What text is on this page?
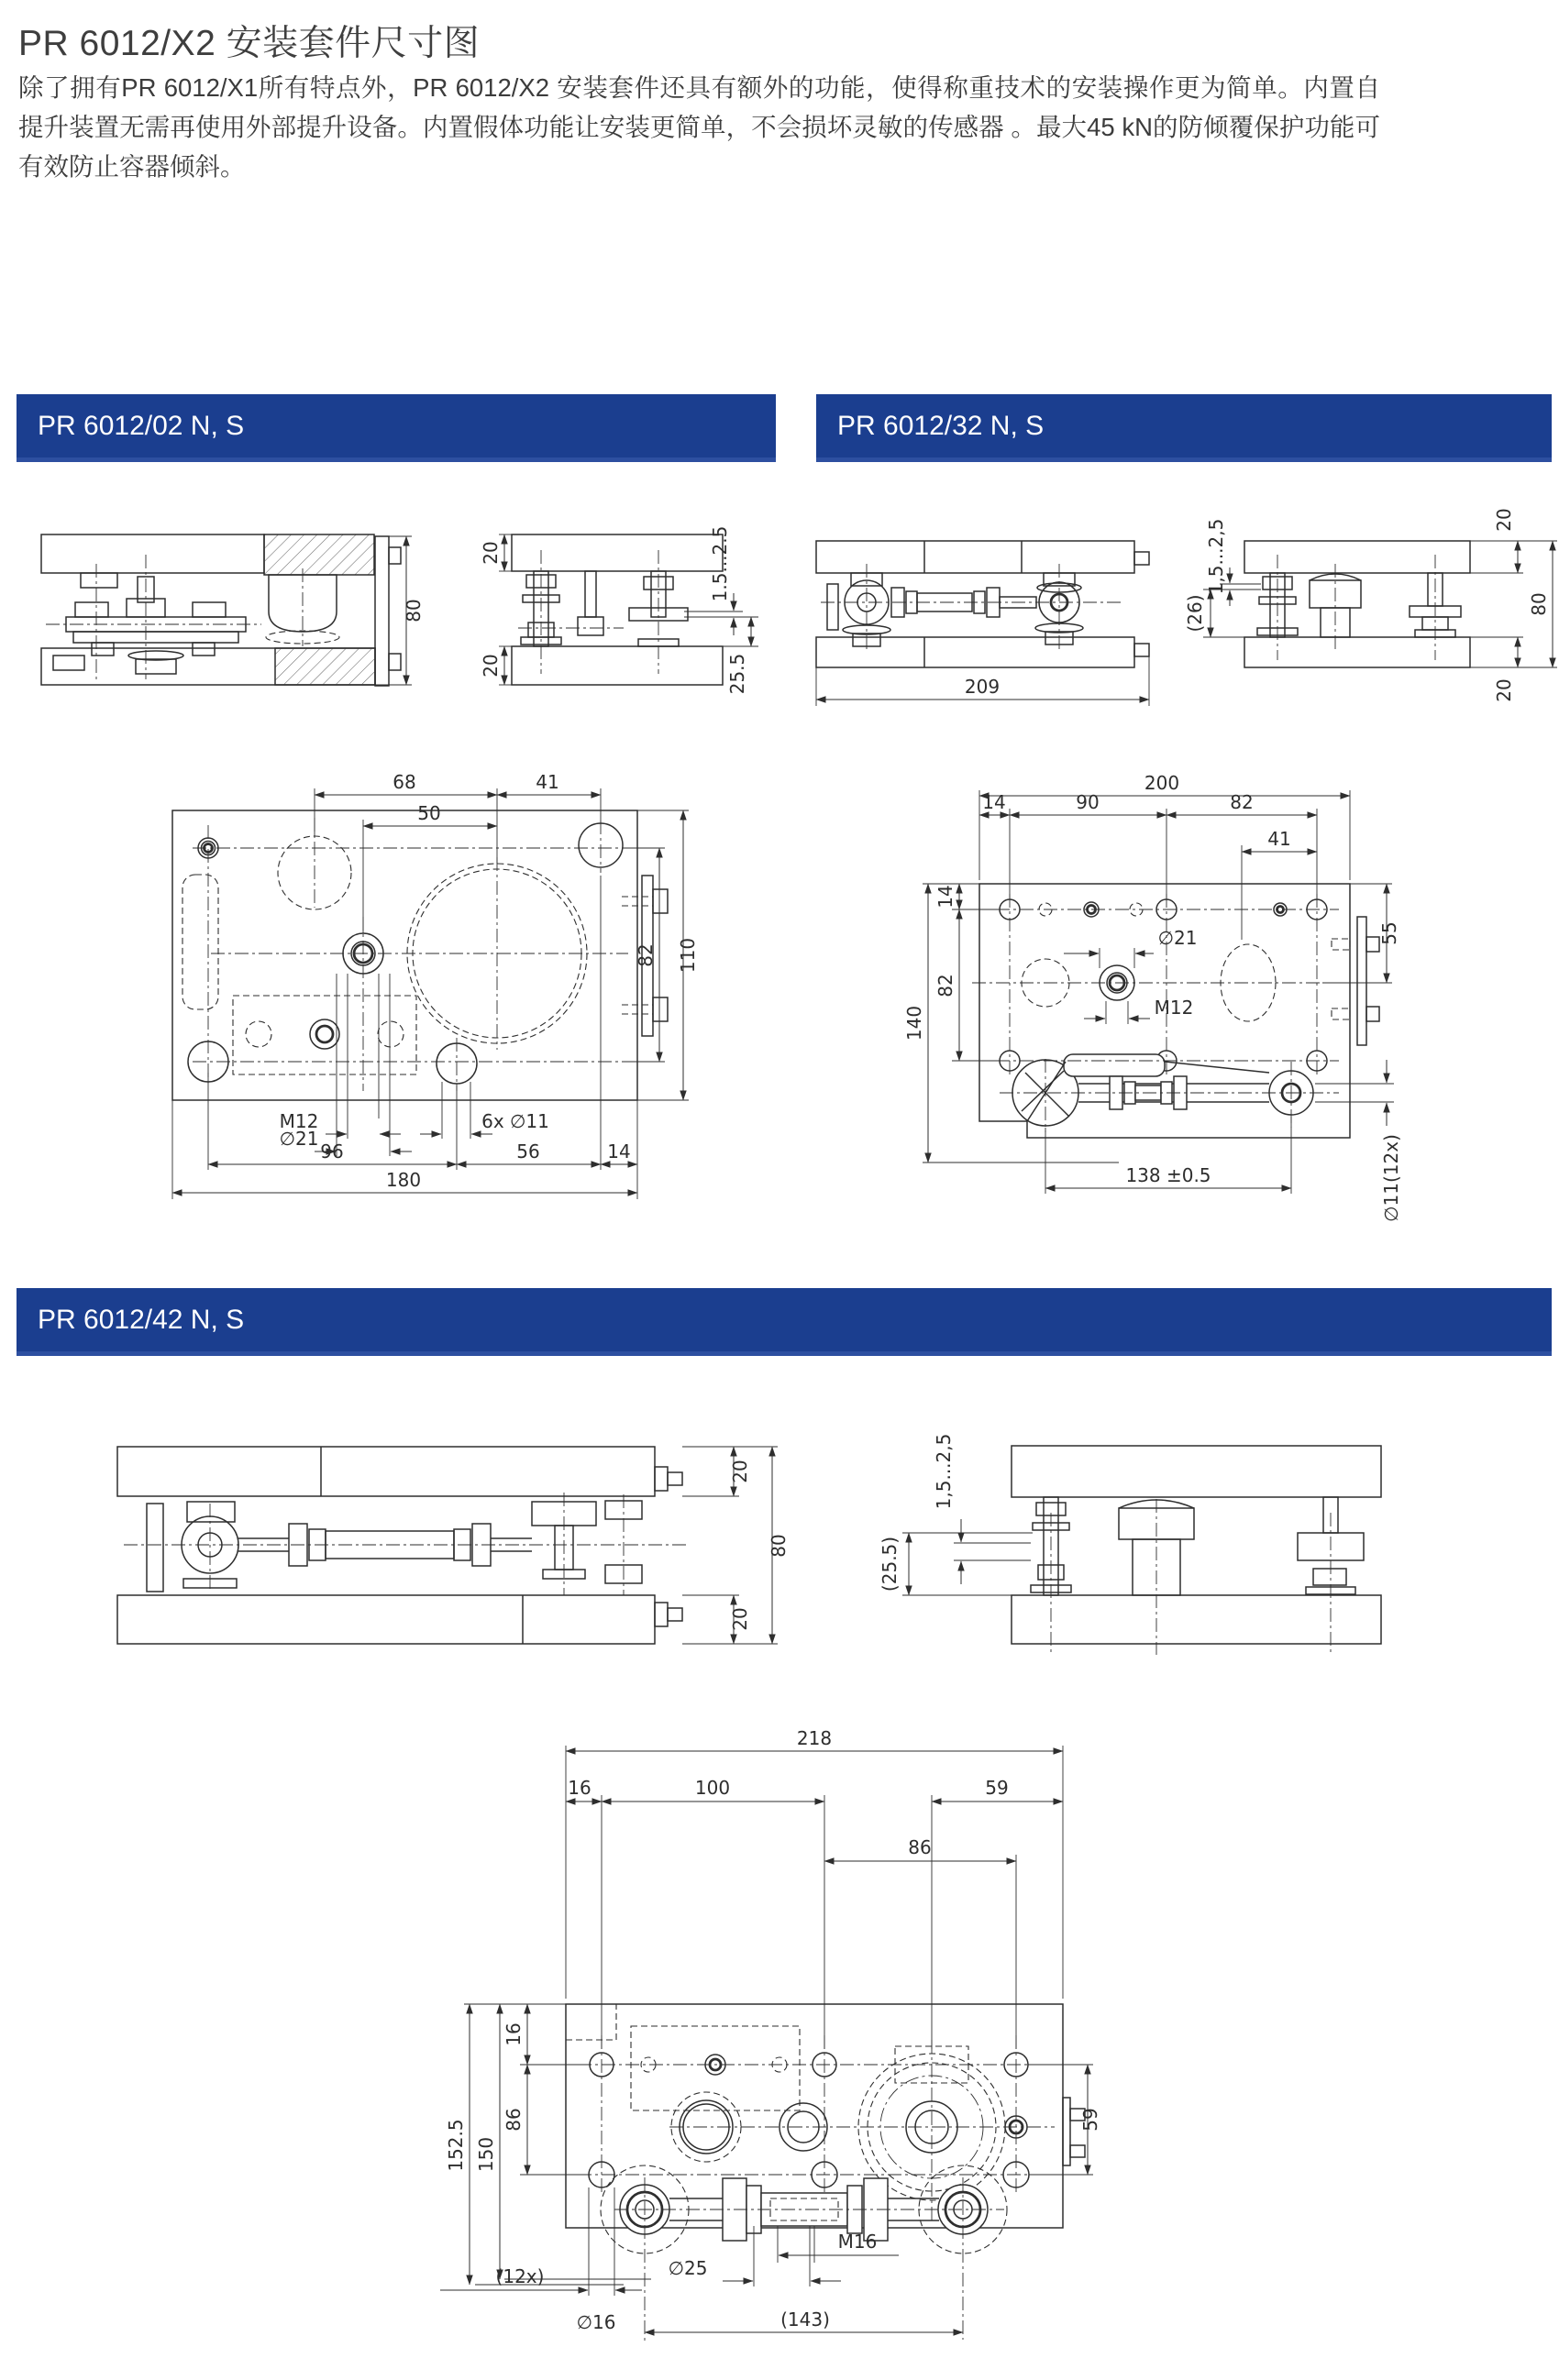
PR 6012/X2 安装套件尺寸图
除了拥有PR 6012/X1所有特点外，PR 6012/X2 安装套件还具有额外的功能，使得称重技术的安装操作更为简单。内置自提升装置无需再使用外部提升设备。内置假体功能让安装更简单，不会损坏灵敏的传感器 。最大45 kN的防倾覆保护功能可有效防止容器倾斜。
PR 6012/02 N, S	PR 6012/32 N, S
PR 6012/42 N, S
80
20
20
1.5...2.5
25.5	209
20
80
20
1,5...2,5
(26)
68	41
50
82 110
M12
∅21
6x ∅11
96	56	14
180
200
14	90	82
41
14
82
140
55
∅21
M12
138 ±0.5	∅11(12x)
20
80
20
(25.5)
1,5...2,5
218
16	100	59
86
16
86
150
152.5
(12x)	∅25
M16
∅16	(143)
59
